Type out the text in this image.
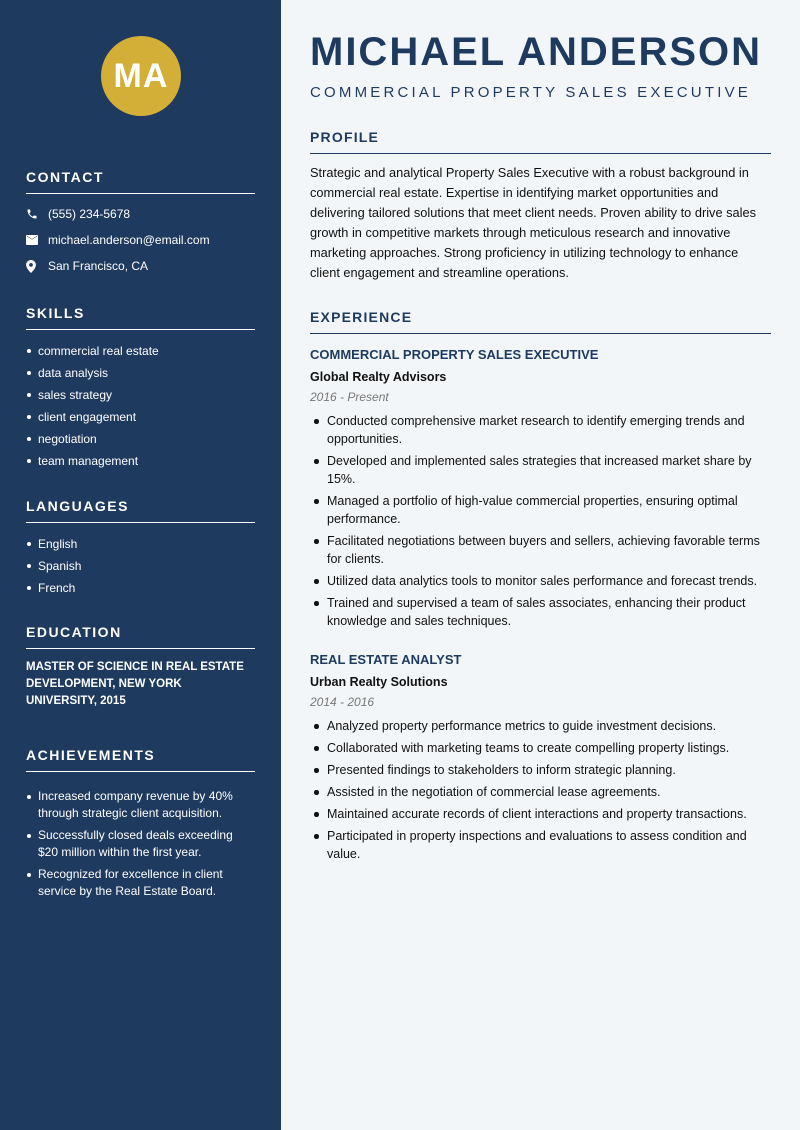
MA
CONTACT
(555) 234-5678
michael.anderson@email.com
San Francisco, CA
SKILLS
commercial real estate
data analysis
sales strategy
client engagement
negotiation
team management
LANGUAGES
English
Spanish
French
EDUCATION
MASTER OF SCIENCE IN REAL ESTATE DEVELOPMENT, NEW YORK UNIVERSITY, 2015
ACHIEVEMENTS
Increased company revenue by 40% through strategic client acquisition.
Successfully closed deals exceeding $20 million within the first year.
Recognized for excellence in client service by the Real Estate Board.
MICHAEL ANDERSON
COMMERCIAL PROPERTY SALES EXECUTIVE
PROFILE
Strategic and analytical Property Sales Executive with a robust background in commercial real estate. Expertise in identifying market opportunities and delivering tailored solutions that meet client needs. Proven ability to drive sales growth in competitive markets through meticulous research and innovative marketing approaches. Strong proficiency in utilizing technology to enhance client engagement and streamline operations.
EXPERIENCE
COMMERCIAL PROPERTY SALES EXECUTIVE
Global Realty Advisors
2016 - Present
Conducted comprehensive market research to identify emerging trends and opportunities.
Developed and implemented sales strategies that increased market share by 15%.
Managed a portfolio of high-value commercial properties, ensuring optimal performance.
Facilitated negotiations between buyers and sellers, achieving favorable terms for clients.
Utilized data analytics tools to monitor sales performance and forecast trends.
Trained and supervised a team of sales associates, enhancing their product knowledge and sales techniques.
REAL ESTATE ANALYST
Urban Realty Solutions
2014 - 2016
Analyzed property performance metrics to guide investment decisions.
Collaborated with marketing teams to create compelling property listings.
Presented findings to stakeholders to inform strategic planning.
Assisted in the negotiation of commercial lease agreements.
Maintained accurate records of client interactions and property transactions.
Participated in property inspections and evaluations to assess condition and value.
